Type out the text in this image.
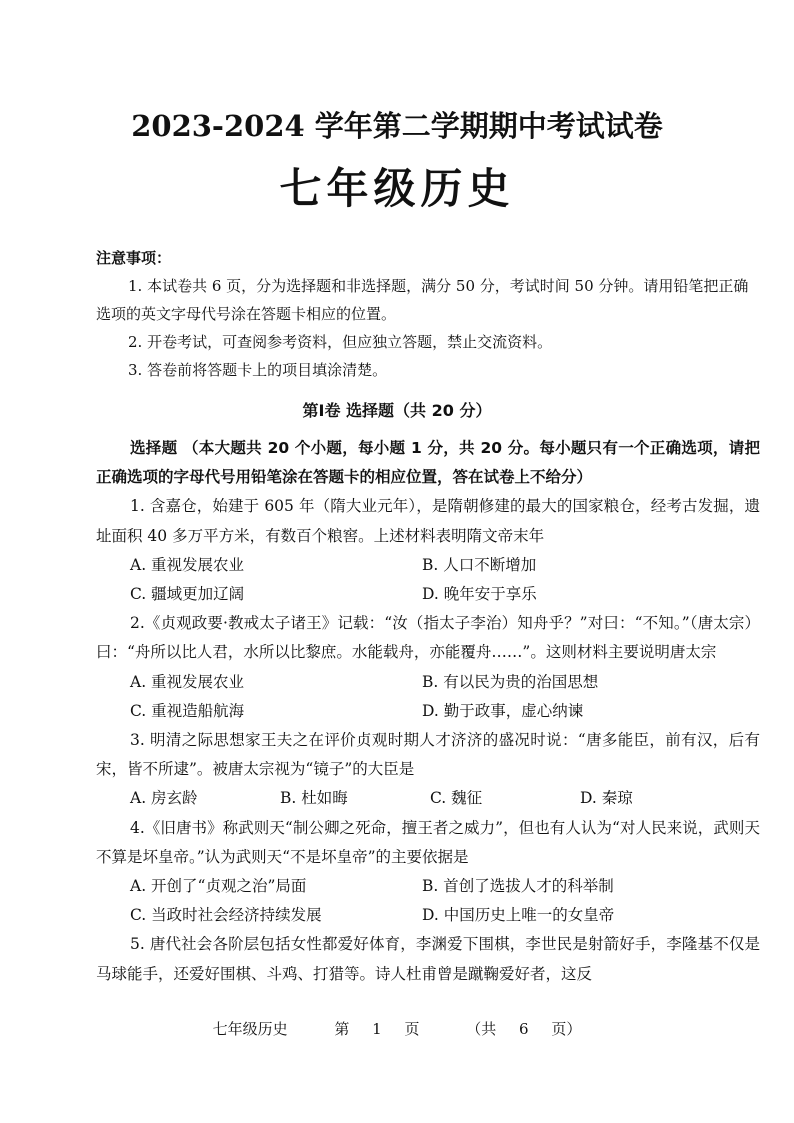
2023-2024 学年第二学期期中考试试卷
七年级历史
注意事项：

1. 本试卷共 6 页，分为选择题和非选择题，满分 50 分，考试时间 50 分钟。请用铅笔把正确选项的英文字母代号涂在答题卡相应的位置。

2. 开卷考试，可查阅参考资料，但应独立答题，禁止交流资料。

3. 答卷前将答题卡上的项目填涂清楚。

第Ⅰ卷 选择题（共 20 分）

选择题 （本大题共 20 个小题，每小题 1 分，共 20 分。每小题只有一个正确选项，请把正确选项的字母代号用铅笔涂在答题卡的相应位置，答在试卷上不给分）

1. 含嘉仓，始建于 605 年（隋大业元年），是隋朝修建的最大的国家粮仓，经考古发掘，遗址面积 40 多万平方米，有数百个粮窖。上述材料表明隋文帝末年

A. 重视发展农业	B. 人口不断增加
C. 疆域更加辽阔	D. 晚年安于享乐

2.《贞观政要·教戒太子诸王》记载：“汝（指太子李治）知舟乎？”对曰：“不知。”（唐太宗）曰：“舟所以比人君，水所以比黎庶。水能载舟，亦能覆舟……”。这则材料主要说明唐太宗

A. 重视发展农业	B. 有以民为贵的治国思想
C. 重视造船航海	D. 勤于政事，虚心纳谏

3. 明清之际思想家王夫之在评价贞观时期人才济济的盛况时说：“唐多能臣，前有汉，后有宋，皆不所逮”。被唐太宗视为“镜子”的大臣是

A. 房玄龄	B. 杜如晦	C. 魏征	D. 秦琼

4.《旧唐书》称武则天“制公卿之死命，擅王者之威力”，但也有人认为“对人民来说，武则天不算是坏皇帝。”认为武则天“不是坏皇帝”的主要依据是

A. 开创了“贞观之治”局面	B. 首创了选拔人才的科举制
C. 当政时社会经济持续发展	D. 中国历史上唯一的女皇帝

5. 唐代社会各阶层包括女性都爱好体育，李渊爱下围棋，李世民是射箭好手，李隆基不仅是马球能手，还爱好围棋、斗鸡、打猎等。诗人杜甫曾是蹴鞠爱好者，这反

七年级历史	第 1 页	（共 6 页）
